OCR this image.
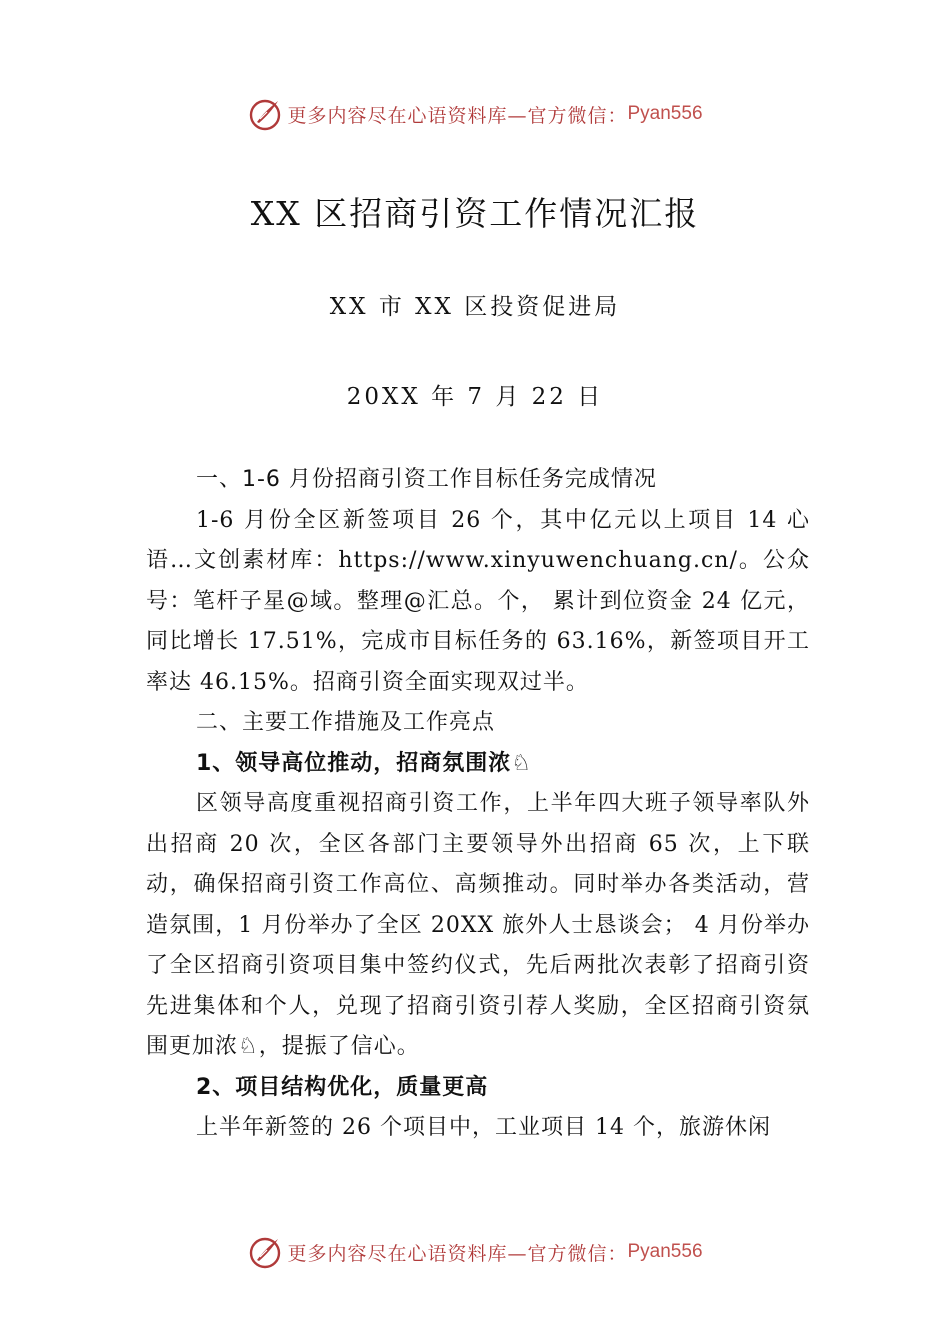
更多内容尽在心语资料库—官方微信： Pyan556
XX 区招商引资工作情况汇报
XX 市 XX 区投资促进局
20XX 年 7 月 22 日
一、1-6 月份招商引资工作目标任务完成情况
1-6 月份全区新签项目 26 个，其中亿元以上项目 14 心语…文创素材库：https://www.xinyuwenchuang.cn/。公众号：笔杆子星@域。整理@汇总。个， 累计到位资金 24 亿元，同比增长 17.51%，完成市目标任务的 63.16%，新签项目开工率达 46.15%。招商引资全面实现双过半。
二、主要工作措施及工作亮点
1、领导高位推动，招商氛围浓♘
区领导高度重视招商引资工作，上半年四大班子领导率队外出招商 20 次，全区各部门主要领导外出招商 65 次，上下联动，确保招商引资工作高位、高频推动。同时举办各类活动，营造氛围，1 月份举办了全区 20XX 旅外人士恳谈会； 4 月份举办了全区招商引资项目集中签约仪式，先后两批次表彰了招商引资先进集体和个人，兑现了招商引资引荐人奖励，全区招商引资氛围更加浓♘，提振了信心。
2、项目结构优化，质量更高
上半年新签的 26 个项目中，工业项目 14 个，旅游休闲
更多内容尽在心语资料库—官方微信： Pyan556
